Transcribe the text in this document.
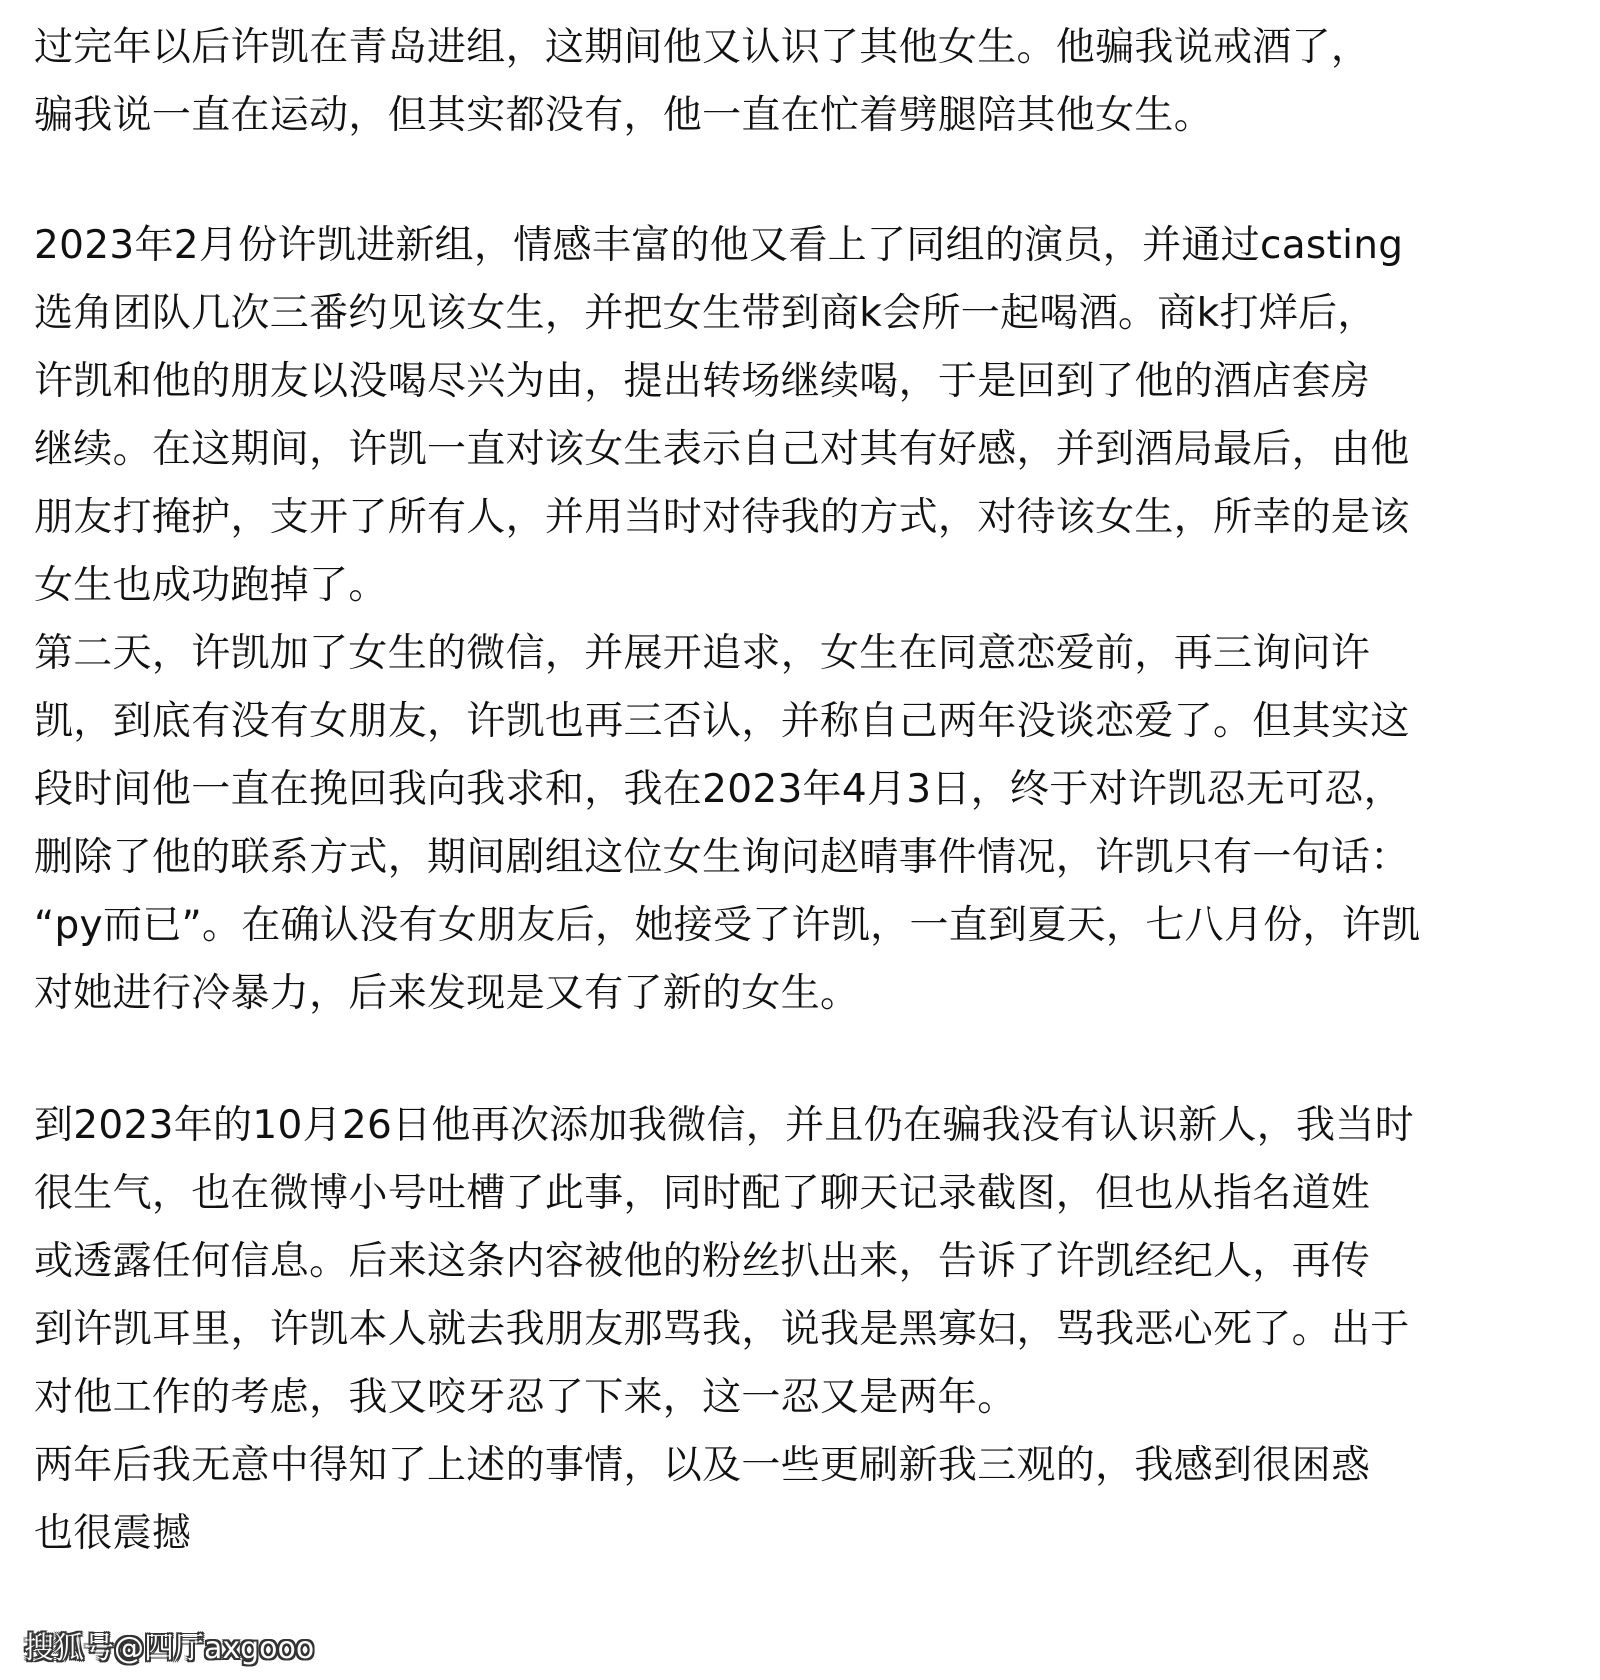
过完年以后许凯在青岛进组，这期间他又认识了其他女生。他骗我说戒酒了，
骗我说一直在运动，但其实都没有，他一直在忙着劈腿陪其他女生。
2023年2月份许凯进新组，情感丰富的他又看上了同组的演员，并通过casting
选角团队几次三番约见该女生，并把女生带到商k会所一起喝酒。商k打烊后，
许凯和他的朋友以没喝尽兴为由，提出转场继续喝，于是回到了他的酒店套房
继续。在这期间，许凯一直对该女生表示自己对其有好感，并到酒局最后，由他
朋友打掩护，支开了所有人，并用当时对待我的方式，对待该女生，所幸的是该
女生也成功跑掉了。
第二天，许凯加了女生的微信，并展开追求，女生在同意恋爱前，再三询问许
凯，到底有没有女朋友，许凯也再三否认，并称自己两年没谈恋爱了。但其实这
段时间他一直在挽回我向我求和，我在2023年4月3日，终于对许凯忍无可忍，
删除了他的联系方式，期间剧组这位女生询问赵晴事件情况，许凯只有一句话：
“py而已”。在确认没有女朋友后，她接受了许凯，一直到夏天，七八月份，许凯
对她进行冷暴力，后来发现是又有了新的女生。
到2023年的10月26日他再次添加我微信，并且仍在骗我没有认识新人，我当时
很生气，也在微博小号吐槽了此事，同时配了聊天记录截图，但也从指名道姓
或透露任何信息。后来这条内容被他的粉丝扒出来，告诉了许凯经纪人，再传
到许凯耳里，许凯本人就去我朋友那骂我，说我是黑寡妇，骂我恶心死了。出于
对他工作的考虑，我又咬牙忍了下来，这一忍又是两年。
两年后我无意中得知了上述的事情，以及一些更刷新我三观的，我感到很困惑
也很震撼
搜狐号@四厅axgooo
